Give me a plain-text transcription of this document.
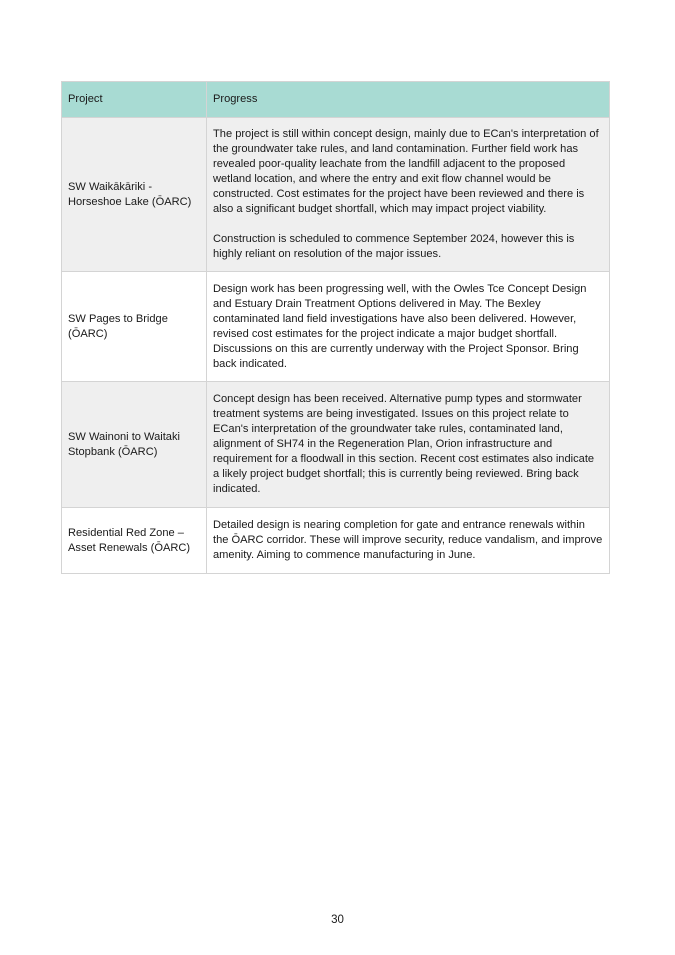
Project	Progress
SW Waikākāriki - Horseshoe Lake (ŌARC)	The project is still within concept design, mainly due to ECan's interpretation of the groundwater take rules, and land contamination. Further field work has revealed poor-quality leachate from the landfill adjacent to the proposed wetland location, and where the entry and exit flow channel would be constructed. Cost estimates for the project have been reviewed and there is also a significant budget shortfall, which may impact project viability.

Construction is scheduled to commence September 2024, however this is highly reliant on resolution of the major issues.

SW Pages to Bridge (ŌARC)	Design work has been progressing well, with the Owles Tce Concept Design and Estuary Drain Treatment Options delivered in May. The Bexley contaminated land field investigations have also been delivered. However, revised cost estimates for the project indicate a major budget shortfall. Discussions on this are currently underway with the Project Sponsor. Bring back indicated.

SW Wainoni to Waitaki Stopbank (ŌARC)	Concept design has been received. Alternative pump types and stormwater treatment systems are being investigated. Issues on this project relate to ECan's interpretation of the groundwater take rules, contaminated land, alignment of SH74 in the Regeneration Plan, Orion infrastructure and requirement for a floodwall in this section. Recent cost estimates also indicate a likely project budget shortfall; this is currently being reviewed. Bring back indicated.

Residential Red Zone – Asset Renewals (ŌARC)	Detailed design is nearing completion for gate and entrance renewals within the ŌARC corridor. These will improve security, reduce vandalism, and improve amenity. Aiming to commence manufacturing in June.

30
